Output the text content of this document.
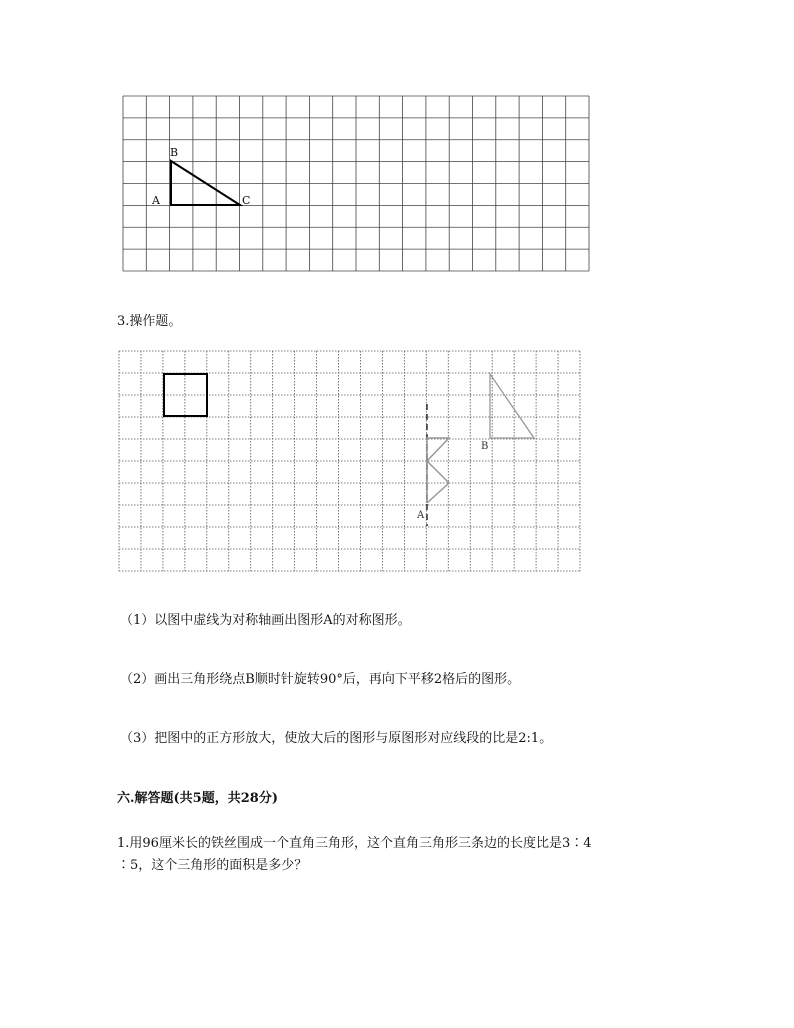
B
A	C
3.操作题。
A
B
（1）以图中虚线为对称轴画出图形A的对称图形。
（2）画出三角形绕点B顺时针旋转90°后，再向下平移2格后的图形。
（3）把图中的正方形放大，使放大后的图形与原图形对应线段的比是2:1。
六.解答题(共5题，共28分)
1.用96厘米长的铁丝围成一个直角三角形，这个直角三角形三条边的长度比是3∶4
∶5，这个三角形的面积是多少？
